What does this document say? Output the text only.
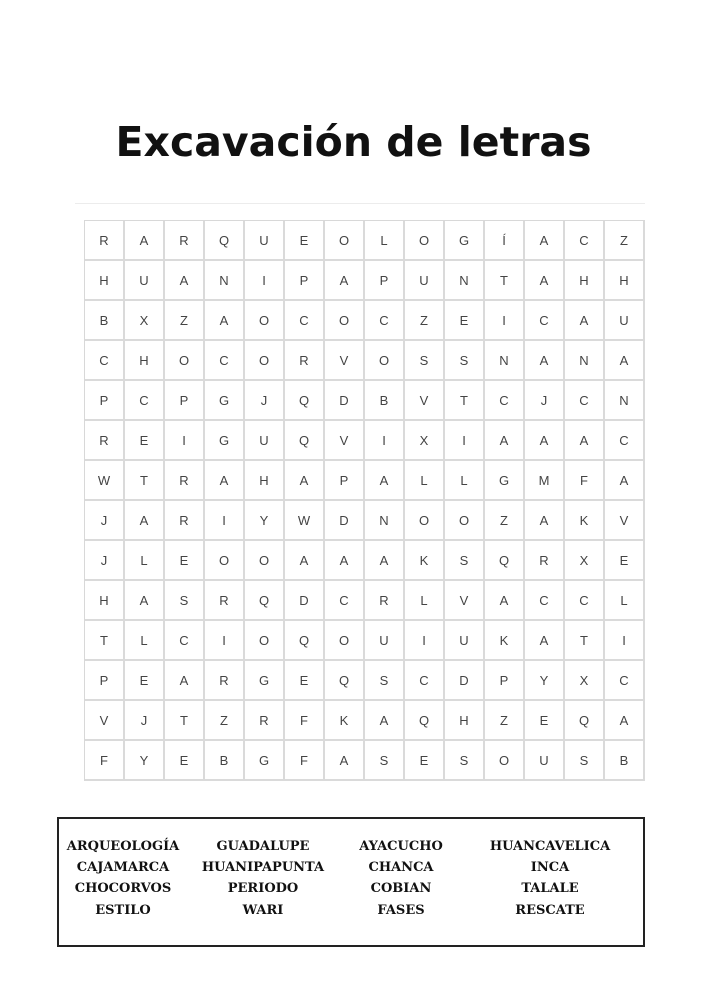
Excavación de letras
R	A	R	Q	U	E	O	L	O	G	Í	A	C	Z
H	U	A	N	I	P	A	P	U	N	T	A	H	H
B	X	Z	A	O	C	O	C	Z	E	I	C	A	U
C	H	O	C	O	R	V	O	S	S	N	A	N	A
P	C	P	G	J	Q	D	B	V	T	C	J	C	N
R	E	I	G	U	Q	V	I	X	I	A	A	A	C
W	T	R	A	H	A	P	A	L	L	G	M	F	A
J	A	R	I	Y	W	D	N	O	O	Z	A	K	V
J	L	E	O	O	A	A	A	K	S	Q	R	X	E
H	A	S	R	Q	D	C	R	L	V	A	C	C	L
T	L	C	I	O	Q	O	U	I	U	K	A	T	I
P	E	A	R	G	E	Q	S	C	D	P	Y	X	C
V	J	T	Z	R	F	K	A	Q	H	Z	E	Q	A
F	Y	E	B	G	F	A	S	E	S	O	U	S	B
ARQUEOLOGÍA
CAJAMARCA
CHOCORVOS
ESTILO
GUADALUPE
HUANIPAPUNTA
PERIODO
WARI
AYACUCHO
CHANCA
COBIAN
FASES
HUANCAVELICA
INCA
TALALE
RESCATE
